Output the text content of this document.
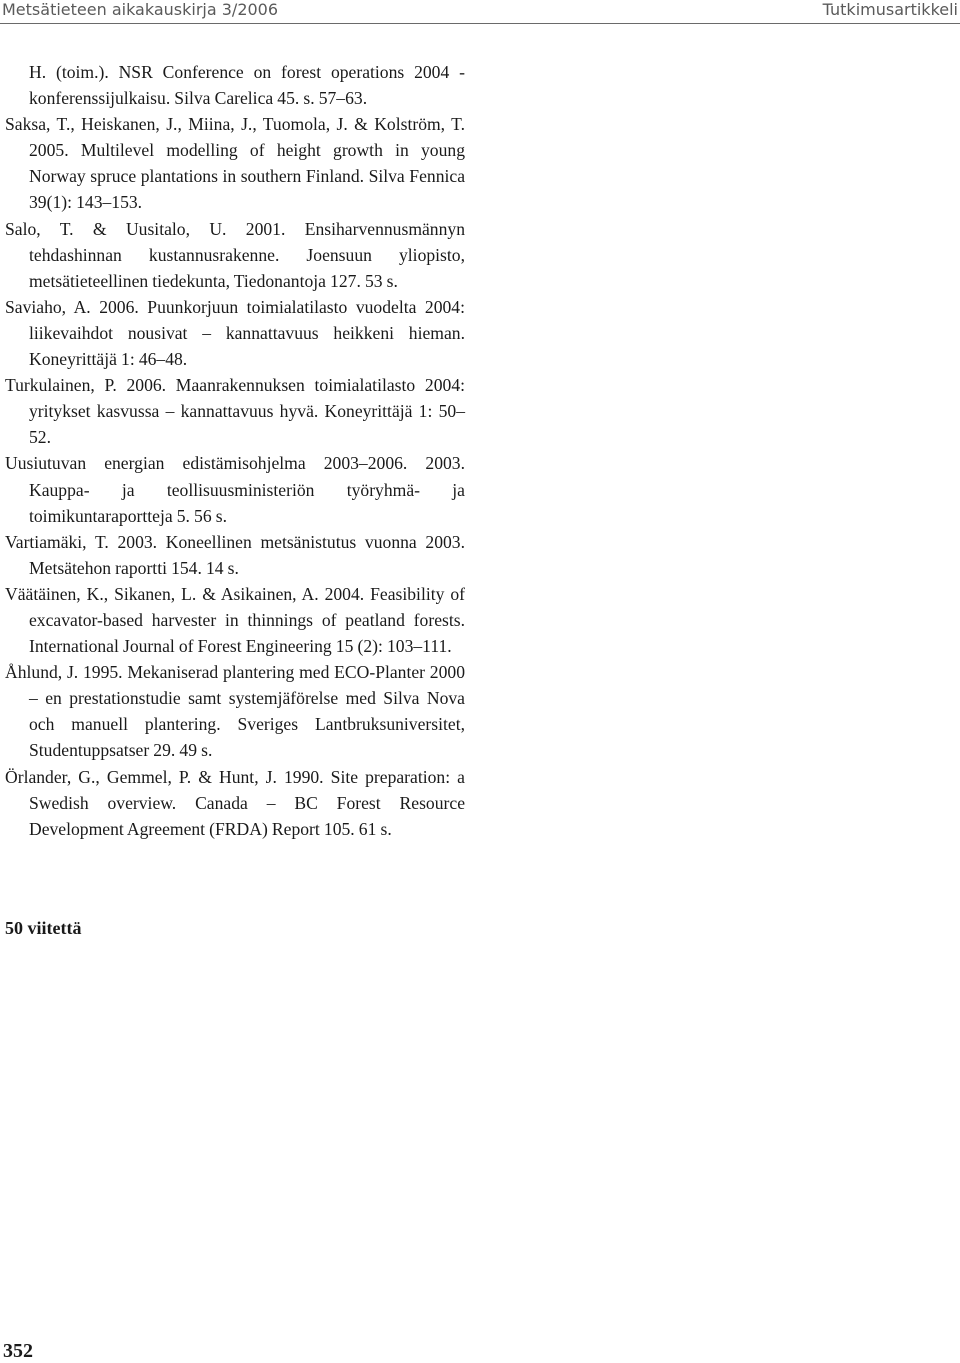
Metsätieteen aikakauskirja 3/2006	Tutkimusartikkeli

H. (toim.). NSR Conference on forest operations 2004 -konferenssijulkaisu. Silva Carelica 45. s. 57–63.

Saksa, T., Heiskanen, J., Miina, J., Tuomola, J. & Kolström, T. 2005. Multilevel modelling of height growth in young Norway spruce plantations in southern Finland. Silva Fennica 39(1): 143–153.

Salo, T. & Uusitalo, U. 2001. Ensiharvennusmännyn tehdashinnan kustannusrakenne. Joensuun yliopisto, metsätieteellinen tiedekunta, Tiedonantoja 127. 53 s.

Saviaho, A. 2006. Puunkorjuun toimialatilasto vuodelta 2004: liikevaihdot nousivat – kannattavuus heikkeni hieman. Koneyrittäjä 1: 46–48.

Turkulainen, P. 2006. Maanrakennuksen toimialatilasto 2004: yritykset kasvussa – kannattavuus hyvä. Koneyrittäjä 1: 50–52.

Uusiutuvan energian edistämisohjelma 2003–2006. 2003. Kauppa- ja teollisuusministeriön työryhmä- ja toimikuntaraportteja 5. 56 s.

Vartiamäki, T. 2003. Koneellinen metsänistutus vuonna 2003. Metsätehon raportti 154. 14 s.

Väätäinen, K., Sikanen, L. & Asikainen, A. 2004. Feasibility of excavator-based harvester in thinnings of peatland forests. International Journal of Forest Engineering 15 (2): 103–111.

Åhlund, J. 1995. Mekaniserad plantering med ECO-Planter 2000 – en prestationstudie samt systemjäförelse med Silva Nova och manuell plantering. Sveriges Lantbruksuniversitet, Studentuppsatser 29. 49 s.

Örlander, G., Gemmel, P. & Hunt, J. 1990. Site preparation: a Swedish overview. Canada – BC Forest Resource Development Agreement (FRDA) Report 105. 61 s.

50 viitettä
352
